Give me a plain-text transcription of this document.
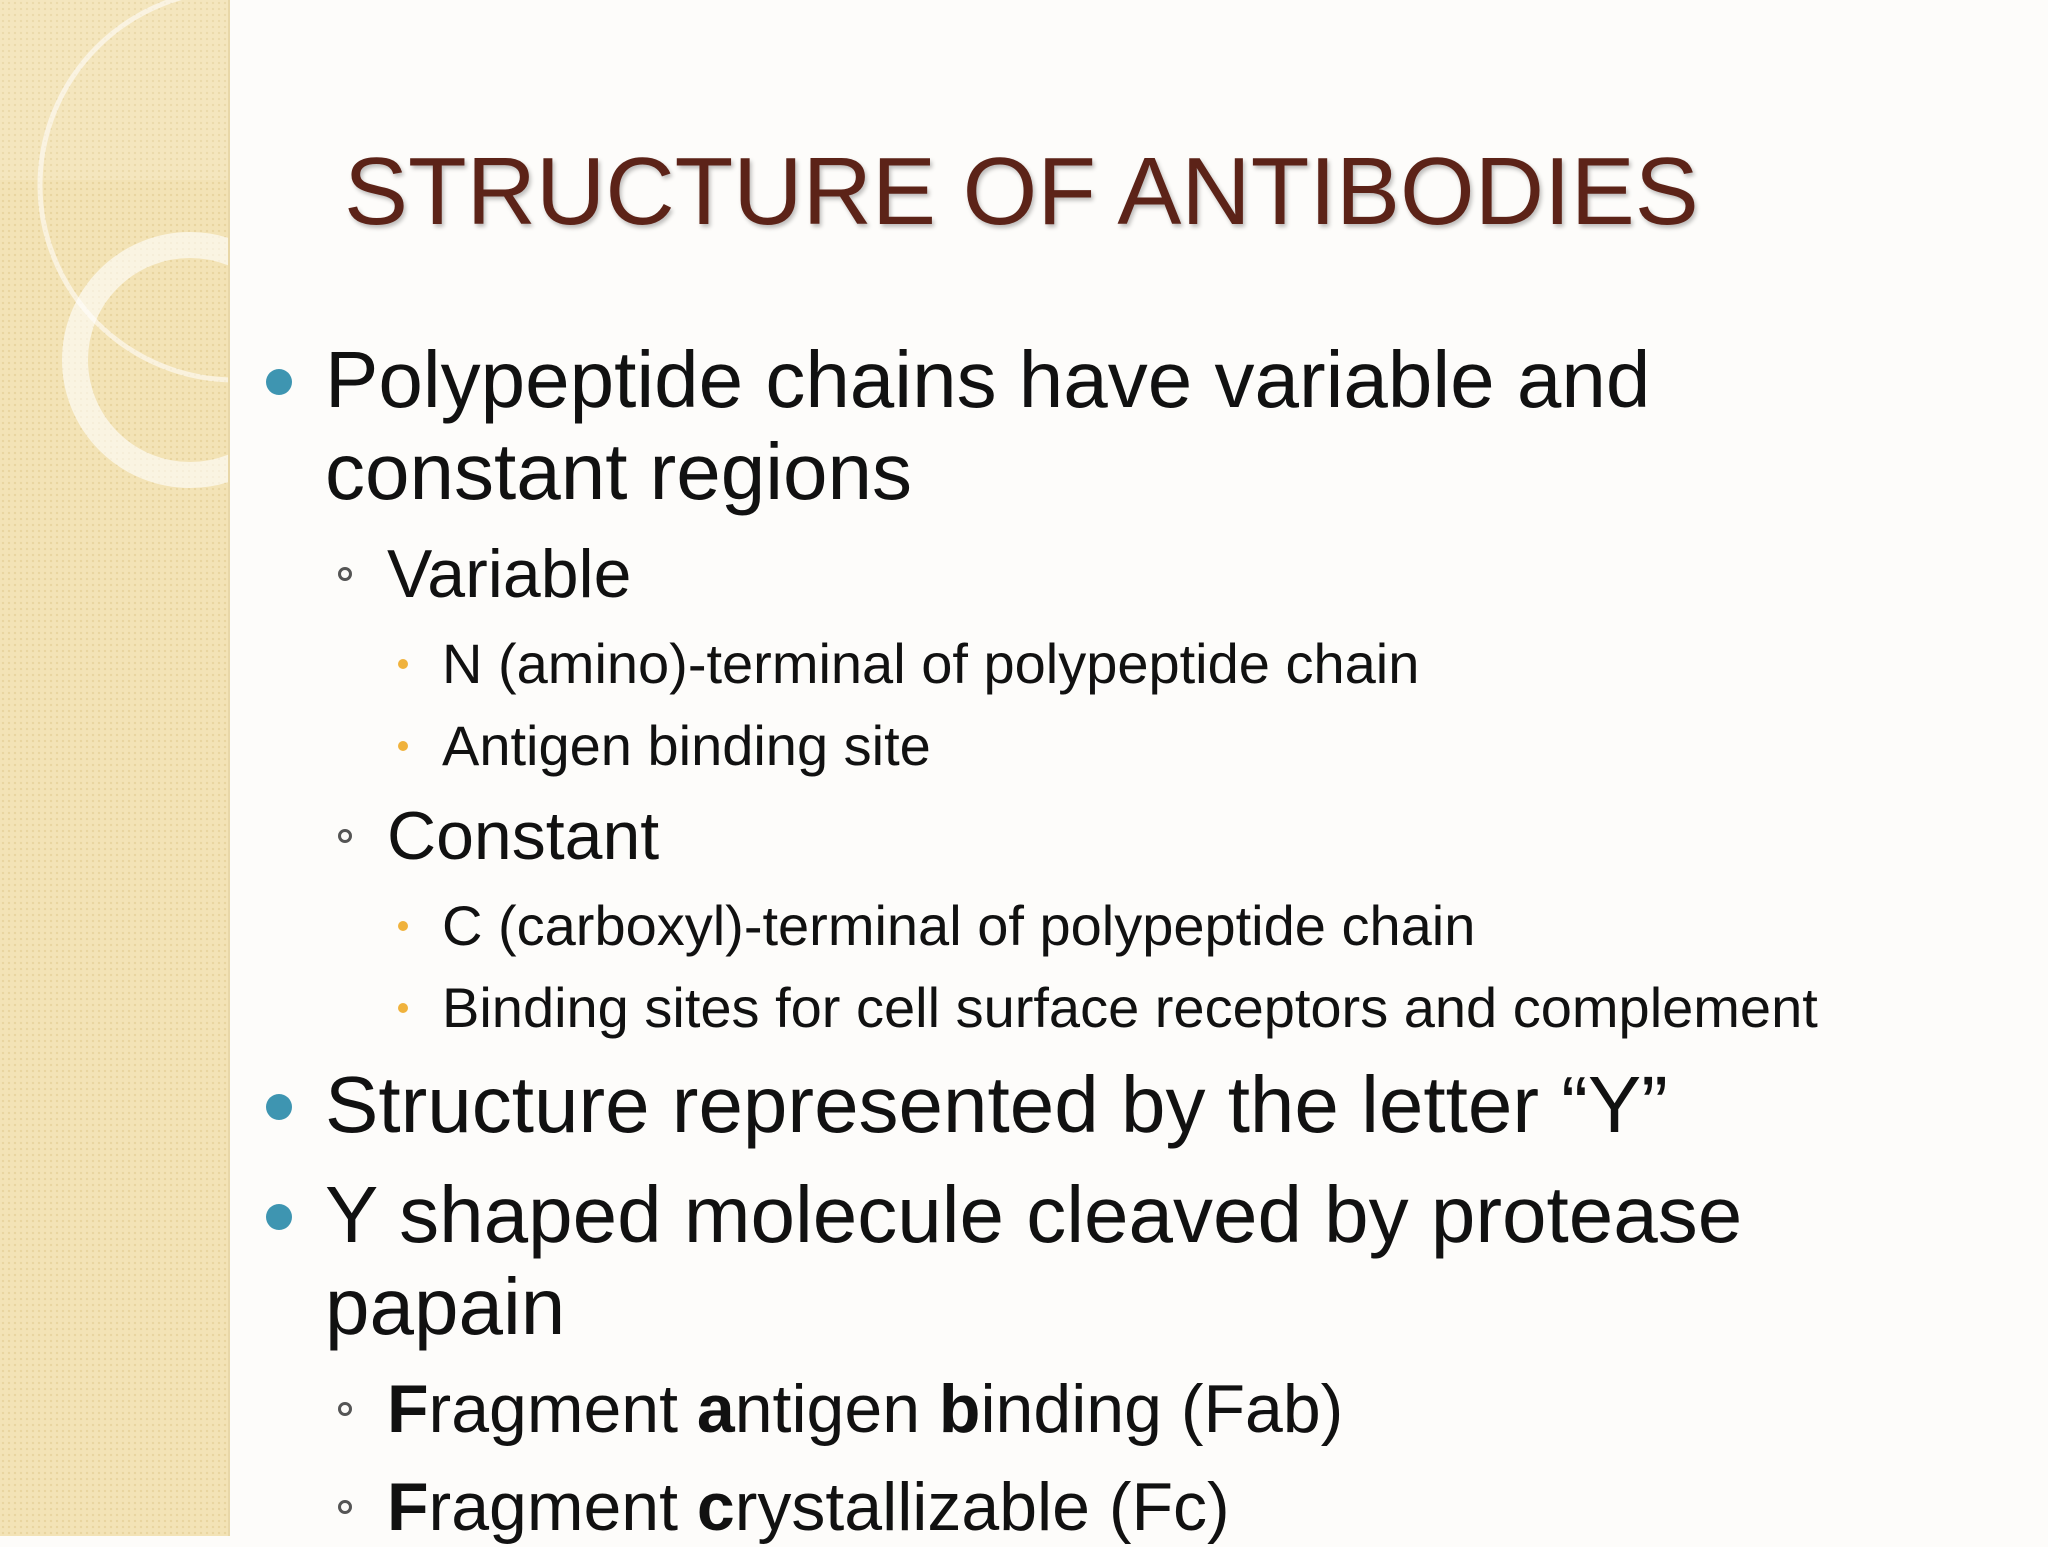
STRUCTURE OF ANTIBODIES
Polypeptide chains have variable and
constant regions
Variable
N (amino)-terminal of polypeptide chain
Antigen binding site
Constant
C (carboxyl)-terminal of polypeptide chain
Binding sites for cell surface receptors and complement
Structure represented by the letter “Y”
Y shaped molecule cleaved by protease
papain
Fragment antigen binding (Fab)
Fragment crystallizable (Fc)
